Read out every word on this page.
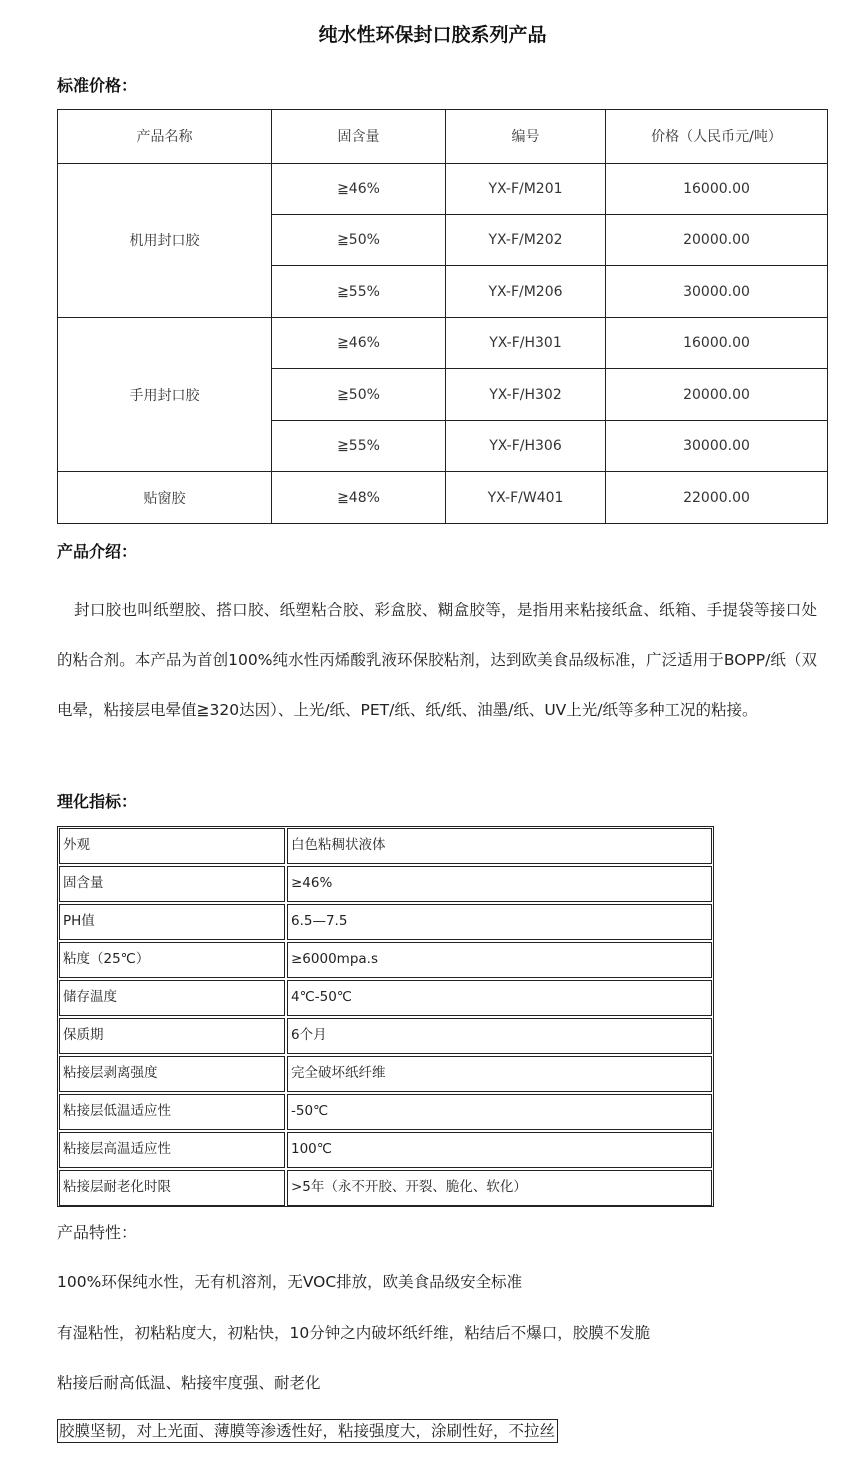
纯水性环保封口胶系列产品
标准价格：
产品名称	固含量	编号	价格（人民币元/吨）
机用封口胶	≧46%	YX-F/M201	16000.00
	≧50%	YX-F/M202	20000.00
	≧55%	YX-F/M206	30000.00
手用封口胶	≧46%	YX-F/H301	16000.00
	≧50%	YX-F/H302	20000.00
	≧55%	YX-F/H306	30000.00
贴窗胶	≧48%	YX-F/W401	22000.00
产品介绍：

封口胶也叫纸塑胶、搭口胶、纸塑粘合胶、彩盒胶、糊盒胶等，是指用来粘接纸盒、纸箱、手提袋等接口处的粘合剂。本产品为首创100%纯水性丙烯酸乳液环保胶粘剂，达到欧美食品级标准，广泛适用于BOPP/纸（双电晕，粘接层电晕值≧320达因）、上光/纸、PET/纸、纸/纸、油墨/纸、UV上光/纸等多种工况的粘接。

理化指标：
外观	白色粘稠状液体
固含量	≥46%
PH值	6.5—7.5
粘度（25℃）	≥6000mpa.s
储存温度	4℃-50℃
保质期	6个月
粘接层剥离强度	完全破坏纸纤维
粘接层低温适应性	-50℃
粘接层高温适应性	100℃
粘接层耐老化时限	>5年（永不开胶、开裂、脆化、软化）
产品特性：
100%环保纯水性，无有机溶剂，无VOC排放，欧美食品级安全标准
有湿粘性，初粘粘度大，初粘快，10分钟之内破坏纸纤维，粘结后不爆口，胶膜不发脆
粘接后耐高低温、粘接牢度强、耐老化
胶膜坚韧，对上光面、薄膜等渗透性好，粘接强度大，涂刷性好，不拉丝
